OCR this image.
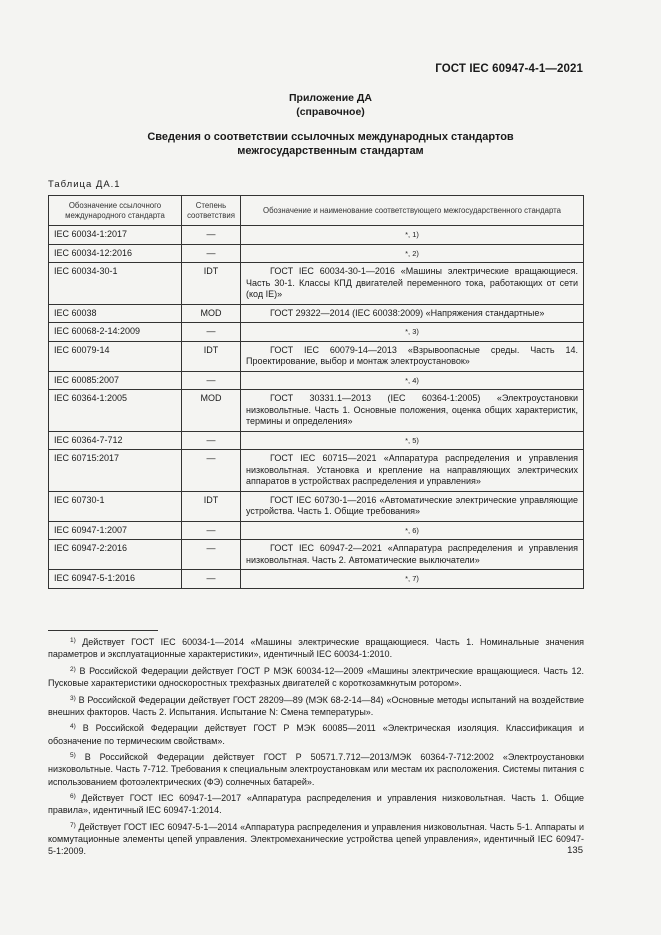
ГОСТ IEC 60947-4-1—2021
Приложение ДА
(справочное)
Сведения о соответствии ссылочных международных стандартов
межгосударственным стандартам
Таблица ДА.1
Обозначение ссылочного международного стандарта	Степень соответствия	Обозначение и наименование соответствующего межгосударственного стандарта
IEC 60034-1:2017	—	*, 1)
IEC 60034-12:2016	—	*, 2)
IEC 60034-30-1	IDT	ГОСТ IEC 60034-30-1—2016 «Машины электрические вращающиеся. Часть 30-1. Классы КПД двигателей переменного тока, работающих от сети (код IE)»
IEC 60038	MOD	ГОСТ 29322—2014 (IEC 60038:2009) «Напряжения стандартные»
IEC 60068-2-14:2009	—	*, 3)
IEC 60079-14	IDT	ГОСТ IEC 60079-14—2013 «Взрывоопасные среды. Часть 14. Проектирование, выбор и монтаж электроустановок»
IEC 60085:2007	—	*, 4)
IEC 60364-1:2005	MOD	ГОСТ 30331.1—2013 (IEC 60364-1:2005) «Электроустановки низковольтные. Часть 1. Основные положения, оценка общих характеристик, термины и определения»
IEC 60364-7-712	—	*, 5)
IEC 60715:2017	—	ГОСТ IEC 60715—2021 «Аппаратура распределения и управления низковольтная. Установка и крепление на направляющих электрических аппаратов в устройствах распределения и управления»
IEC 60730-1	IDT	ГОСТ IEC 60730-1—2016 «Автоматические электрические управляющие устройства. Часть 1. Общие требования»
IEC 60947-1:2007	—	*, 6)
IEC 60947-2:2016	—	ГОСТ IEC 60947-2—2021 «Аппаратура распределения и управления низковольтная. Часть 2. Автоматические выключатели»
IEC 60947-5-1:2016	—	*, 7)

$^{1)}$ Действует ГОСТ IEC 60034-1—2014 «Машины электрические вращающиеся. Часть 1. Номинальные значения параметров и эксплуатационные характеристики», идентичный IEC 60034-1:2010.

$^{2)}$ В Российской Федерации действует ГОСТ Р МЭК 60034-12—2009 «Машины электрические вращающиеся. Часть 12. Пусковые характеристики односкоростных трехфазных двигателей с короткозамкнутым ротором».

$^{3)}$ В Российской Федерации действует ГОСТ 28209—89 (МЭК 68-2-14—84) «Основные методы испытаний на воздействие внешних факторов. Часть 2. Испытания. Испытание N: Смена температуры».

$^{4)}$ В Российской Федерации действует ГОСТ Р МЭК 60085—2011 «Электрическая изоляция. Классификация и обозначение по термическим свойствам».

$^{5)}$ В Российской Федерации действует ГОСТ Р 50571.7.712—2013/МЭК 60364-7-712:2002 «Электроустановки низковольтные. Часть 7-712. Требования к специальным электроустановкам или местам их расположения. Системы питания с использованием фотоэлектрических (ФЭ) солнечных батарей».

$^{6)}$ Действует ГОСТ IEC 60947-1—2017 «Аппаратура распределения и управления низковольтная. Часть 1. Общие правила», идентичный IEC 60947-1:2014.

$^{7)}$ Действует ГОСТ IEC 60947-5-1—2014 «Аппаратура распределения и управления низковольтная. Часть 5-1. Аппараты и коммутационные элементы цепей управления. Электромеханические устройства цепей управления», идентичный IEC 60947-5-1:2009.	135
